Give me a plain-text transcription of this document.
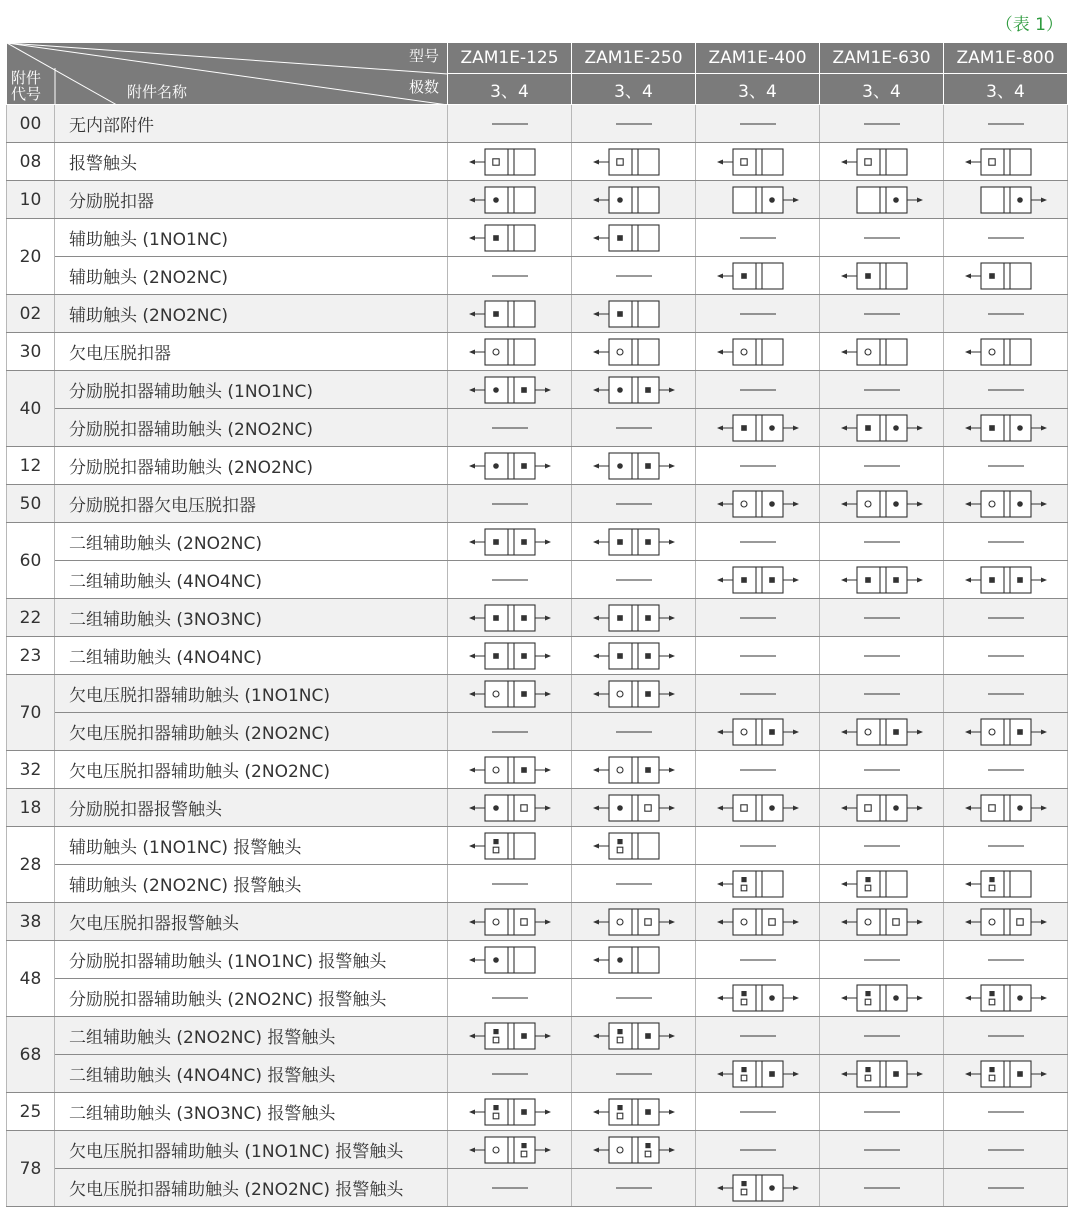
（表 1）
型号
极数
附件代号 附件名称		ZAM1E-125	ZAM1E-250	ZAM1E-400	ZAM1E-630	ZAM1E-800
		3、4	3、4	3、4	3、4	3、4
00	无内部附件	

08	报警触头	

10	分励脱扣器	

20	辅助触头 (1NO1NC)	

	辅助触头 (2NO2NC)	

02	辅助触头 (2NO2NC)	

30	欠电压脱扣器	

40	分励脱扣器辅助触头 (1NO1NC)	

	分励脱扣器辅助触头 (2NO2NC)	

12	分励脱扣器辅助触头 (2NO2NC)	

50	分励脱扣器欠电压脱扣器	

60	二组辅助触头 (2NO2NC)	

	二组辅助触头 (4NO4NC)	

22	二组辅助触头 (3NO3NC)	

23	二组辅助触头 (4NO4NC)	

70	欠电压脱扣器辅助触头 (1NO1NC)	

	欠电压脱扣器辅助触头 (2NO2NC)	

32	欠电压脱扣器辅助触头 (2NO2NC)	

18	分励脱扣器报警触头	

28	辅助触头 (1NO1NC) 报警触头	

	辅助触头 (2NO2NC) 报警触头	

38	欠电压脱扣器报警触头	

48	分励脱扣器辅助触头 (1NO1NC) 报警触头	

	分励脱扣器辅助触头 (2NO2NC) 报警触头	

68	二组辅助触头 (2NO2NC) 报警触头	

	二组辅助触头 (4NO4NC) 报警触头	

25	二组辅助触头 (3NO3NC) 报警触头	

78	欠电压脱扣器辅助触头 (1NO1NC) 报警触头	

	欠电压脱扣器辅助触头 (2NO2NC) 报警触头	
